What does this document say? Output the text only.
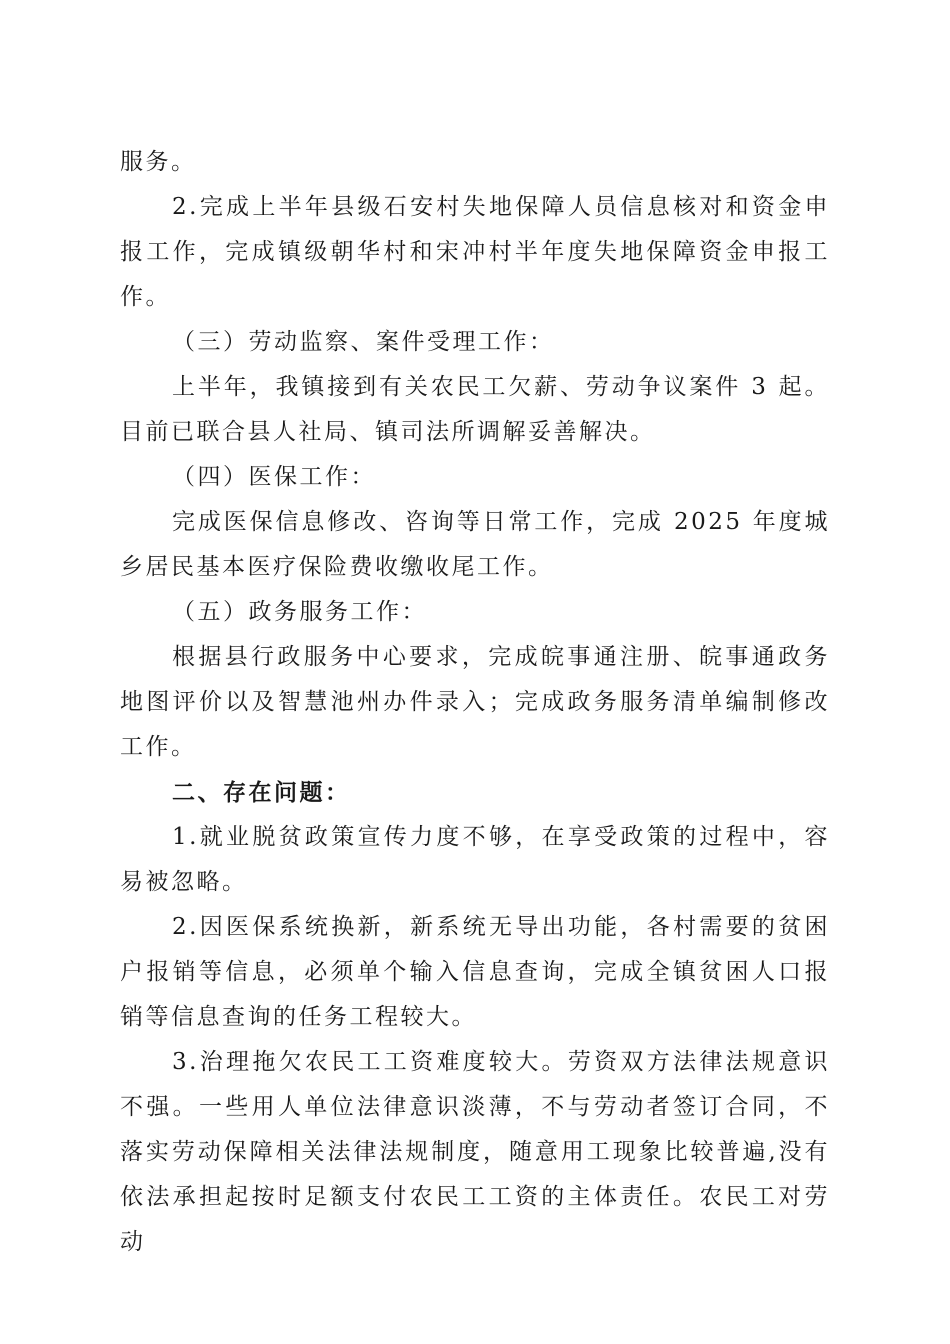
服务。

2.完成上半年县级石安村失地保障人员信息核对和资金申报工作，完成镇级朝华村和宋冲村半年度失地保障资金申报工作。

（三）劳动监察、案件受理工作：

上半年，我镇接到有关农民工欠薪、劳动争议案件 3 起。目前已联合县人社局、镇司法所调解妥善解决。

（四）医保工作：

完成医保信息修改、咨询等日常工作，完成 2025 年度城乡居民基本医疗保险费收缴收尾工作。

（五）政务服务工作：

根据县行政服务中心要求，完成皖事通注册、皖事通政务地图评价以及智慧池州办件录入；完成政务服务清单编制修改工作。

二、存在问题：

1.就业脱贫政策宣传力度不够，在享受政策的过程中，容易被忽略。

2.因医保系统换新，新系统无导出功能，各村需要的贫困户报销等信息，必须单个输入信息查询，完成全镇贫困人口报销等信息查询的任务工程较大。

3.治理拖欠农民工工资难度较大。劳资双方法律法规意识不强。一些用人单位法律意识淡薄，不与劳动者签订合同，不落实劳动保障相关法律法规制度，随意用工现象比较普遍,没有依法承担起按时足额支付农民工工资的主体责任。农民工对劳动
